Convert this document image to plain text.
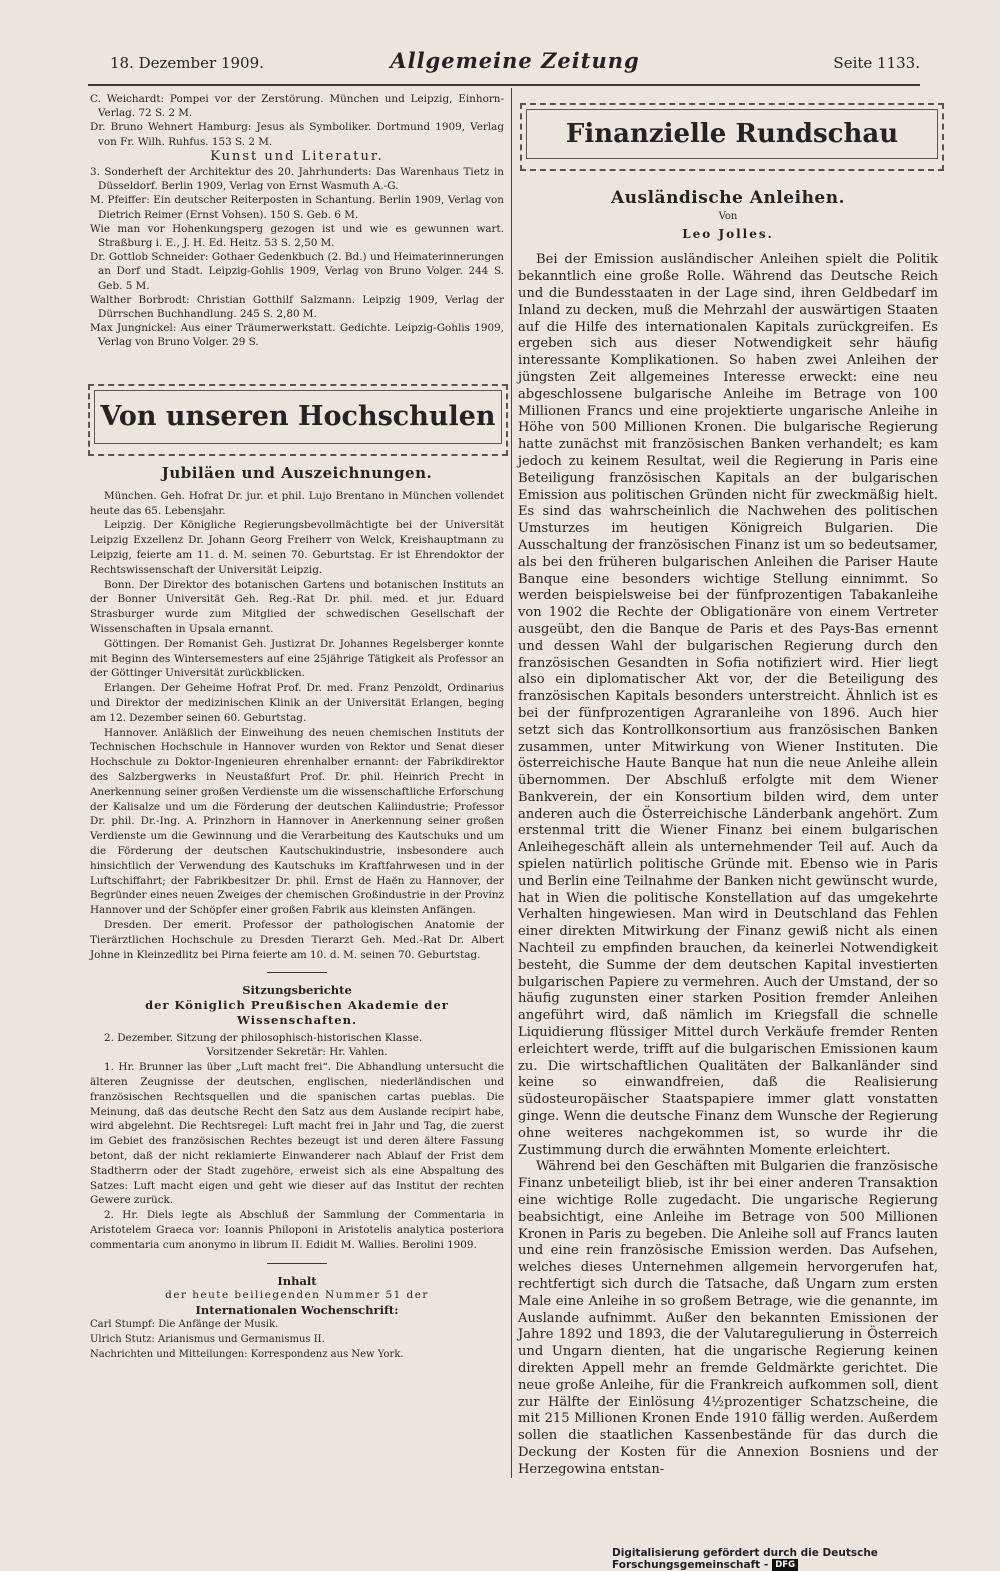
18. Dezember 1909.	Allgemeine Zeitung	Seite 1133.

C. Weichardt: Pompei vor der Zerstörung. München und Leipzig, Einhorn-Verlag. 72 S. 2 M.

Dr. Bruno Wehnert Hamburg: Jesus als Symboliker. Dortmund 1909, Verlag von Fr. Wilh. Ruhfus. 153 S. 2 M.

Kunst und Literatur.

3. Sonderheft der Architektur des 20. Jahrhunderts: Das Warenhaus Tietz in Düsseldorf. Berlin 1909, Verlag von Ernst Wasmuth A.-G.

M. Pfeiffer: Ein deutscher Reiterposten in Schantung. Berlin 1909, Verlag von Dietrich Reimer (Ernst Vohsen). 150 S. Geb. 6 M.

Wie man vor Hohenkungsperg gezogen ist und wie es gewunnen wart. Straßburg i. E., J. H. Ed. Heitz. 53 S. 2,50 M.

Dr. Gottlob Schneider: Gothaer Gedenkbuch (2. Bd.) und Heimaterinnerungen an Dorf und Stadt. Leipzig-Gohlis 1909, Verlag von Bruno Volger. 244 S. Geb. 5 M.

Walther Borbrodt: Christian Gotthilf Salzmann. Leipzig 1909, Verlag der Dürrschen Buchhandlung. 245 S. 2,80 M.

Max Jungnickel: Aus einer Träumerwerkstatt. Gedichte. Leipzig-Gohlis 1909, Verlag von Bruno Volger. 29 S.

Von unseren Hochschulen
Jubiläen und Auszeichnungen.

München. Geh. Hofrat Dr. jur. et phil. Lujo Brentano in München vollendet heute das 65. Lebensjahr.

Leipzig. Der Königliche Regierungsbevollmächtigte bei der Universität Leipzig Exzellenz Dr. Johann Georg Freiherr von Welck, Kreishauptmann zu Leipzig, feierte am 11. d. M. seinen 70. Geburtstag. Er ist Ehrendoktor der Rechtswissenschaft der Universität Leipzig.

Bonn. Der Direktor des botanischen Gartens und botanischen Instituts an der Bonner Universität Geh. Reg.-Rat Dr. phil. med. et jur. Eduard Strasburger wurde zum Mitglied der schwedischen Gesellschaft der Wissenschaften in Upsala ernannt.

Göttingen. Der Romanist Geh. Justizrat Dr. Johannes Regelsberger konnte mit Beginn des Wintersemesters auf eine 25jährige Tätigkeit als Professor an der Göttinger Universität zurückblicken.

Erlangen. Der Geheime Hofrat Prof. Dr. med. Franz Penzoldt, Ordinarius und Direktor der medizinischen Klinik an der Universität Erlangen, beging am 12. Dezember seinen 60. Geburtstag.

Hannover. Anläßlich der Einweihung des neuen chemischen Instituts der Technischen Hochschule in Hannover wurden von Rektor und Senat dieser Hochschule zu Doktor-Ingenieuren ehrenhalber ernannt: der Fabrikdirektor des Salzbergwerks in Neustaßfurt Prof. Dr. phil. Heinrich Precht in Anerkennung seiner großen Verdienste um die wissenschaftliche Erforschung der Kalisalze und um die Förderung der deutschen Kaliindustrie; Professor Dr. phil. Dr.-Ing. A. Prinzhorn in Hannover in Anerkennung seiner großen Verdienste um die Gewinnung und die Verarbeitung des Kautschuks und um die Förderung der deutschen Kautschukindustrie, insbesondere auch hinsichtlich der Verwendung des Kautschuks im Kraftfahrwesen und in der Luftschiffahrt; der Fabrikbesitzer Dr. phil. Ernst de Haën zu Hannover, der Begründer eines neuen Zweiges der chemischen Großindustrie in der Provinz Hannover und der Schöpfer einer großen Fabrik aus kleinsten Anfängen.

Dresden. Der emerit. Professor der pathologischen Anatomie der Tierärztlichen Hochschule zu Dresden Tierarzt Geh. Med.-Rat Dr. Albert Johne in Kleinzedlitz bei Pirna feierte am 10. d. M. seinen 70. Geburtstag.

Sitzungsberichte
der Königlich Preußischen Akademie der Wissenschaften.

2. Dezember. Sitzung der philosophisch-historischen Klasse.

Vorsitzender Sekretär: Hr. Vahlen.

1. Hr. Brunner las über „Luft macht frei“. Die Abhandlung untersucht die älteren Zeugnisse der deutschen, englischen, niederländischen und französischen Rechtsquellen und die spanischen cartas pueblas. Die Meinung, daß das deutsche Recht den Satz aus dem Auslande recipirt habe, wird abgelehnt. Die Rechtsregel: Luft macht frei in Jahr und Tag, die zuerst im Gebiet des französischen Rechtes bezeugt ist und deren ältere Fassung betont, daß der nicht reklamierte Einwanderer nach Ablauf der Frist dem Stadtherrn oder der Stadt zugehöre, erweist sich als eine Abspaltung des Satzes: Luft macht eigen und geht wie dieser auf das Institut der rechten Gewere zurück.

2. Hr. Diels legte als Abschluß der Sammlung der Commentaria in Aristotelem Graeca vor: Ioannis Philoponi in Aristotelis analytica posteriora commentaria cum anonymo in librum II. Edidit M. Wallies. Berolini 1909.

Inhalt
der heute beiliegenden Nummer 51 der
Internationalen Wochenschrift:

Carl Stumpf: Die Anfänge der Musik.

Ulrich Stutz: Arianismus und Germanismus II.

Nachrichten und Mitteilungen: Korrespondenz aus New York.

Finanzielle Rundschau
Ausländische Anleihen.
Von
Leo Jolles.

Bei der Emission ausländischer Anleihen spielt die Politik bekanntlich eine große Rolle. Während das Deutsche Reich und die Bundesstaaten in der Lage sind, ihren Geldbedarf im Inland zu decken, muß die Mehrzahl der auswärtigen Staaten auf die Hilfe des internationalen Kapitals zurückgreifen. Es ergeben sich aus dieser Notwendigkeit sehr häufig interessante Komplikationen. So haben zwei Anleihen der jüngsten Zeit allgemeines Interesse erweckt: eine neu abgeschlossene bulgarische Anleihe im Betrage von 100 Millionen Francs und eine projektierte ungarische Anleihe in Höhe von 500 Millionen Kronen. Die bulgarische Regierung hatte zunächst mit französischen Banken verhandelt; es kam jedoch zu keinem Resultat, weil die Regierung in Paris eine Beteiligung französischen Kapitals an der bulgarischen Emission aus politischen Gründen nicht für zweckmäßig hielt. Es sind das wahrscheinlich die Nachwehen des politischen Umsturzes im heutigen Königreich Bulgarien. Die Ausschaltung der französischen Finanz ist um so bedeutsamer, als bei den früheren bulgarischen Anleihen die Pariser Haute Banque eine besonders wichtige Stellung einnimmt. So werden beispielsweise bei der fünfprozentigen Tabakanleihe von 1902 die Rechte der Obligationäre von einem Vertreter ausgeübt, den die Banque de Paris et des Pays-Bas ernennt und dessen Wahl der bulgarischen Regierung durch den französischen Gesandten in Sofia notifiziert wird. Hier liegt also ein diplomatischer Akt vor, der die Beteiligung des französischen Kapitals besonders unterstreicht. Ähnlich ist es bei der fünfprozentigen Agraranleihe von 1896. Auch hier setzt sich das Kontrollkonsortium aus französischen Banken zusammen, unter Mitwirkung von Wiener Instituten. Die österreichische Haute Banque hat nun die neue Anleihe allein übernommen. Der Abschluß erfolgte mit dem Wiener Bankverein, der ein Konsortium bilden wird, dem unter anderen auch die Österreichische Länderbank angehört. Zum erstenmal tritt die Wiener Finanz bei einem bulgarischen Anleihegeschäft allein als unternehmender Teil auf. Auch da spielen natürlich politische Gründe mit. Ebenso wie in Paris und Berlin eine Teilnahme der Banken nicht gewünscht wurde, hat in Wien die politische Konstellation auf das umgekehrte Verhalten hingewiesen. Man wird in Deutschland das Fehlen einer direkten Mitwirkung der Finanz gewiß nicht als einen Nachteil zu empfinden brauchen, da keinerlei Notwendigkeit besteht, die Summe der dem deutschen Kapital investierten bulgarischen Papiere zu vermehren. Auch der Umstand, der so häufig zugunsten einer starken Position fremder Anleihen angeführt wird, daß nämlich im Kriegsfall die schnelle Liquidierung flüssiger Mittel durch Verkäufe fremder Renten erleichtert werde, trifft auf die bulgarischen Emissionen kaum zu. Die wirtschaftlichen Qualitäten der Balkanländer sind keine so einwandfreien, daß die Realisierung südosteuropäischer Staatspapiere immer glatt vonstatten ginge. Wenn die deutsche Finanz dem Wunsche der Regierung ohne weiteres nachgekommen ist, so wurde ihr die Zustimmung durch die erwähnten Momente erleichtert.

Während bei den Geschäften mit Bulgarien die französische Finanz unbeteiligt blieb, ist ihr bei einer anderen Transaktion eine wichtige Rolle zugedacht. Die ungarische Regierung beabsichtigt, eine Anleihe im Betrage von 500 Millionen Kronen in Paris zu begeben. Die Anleihe soll auf Francs lauten und eine rein französische Emission werden. Das Aufsehen, welches dieses Unternehmen allgemein hervorgerufen hat, rechtfertigt sich durch die Tatsache, daß Ungarn zum ersten Male eine Anleihe in so großem Betrage, wie die genannte, im Auslande aufnimmt. Außer den bekannten Emissionen der Jahre 1892 und 1893, die der Valutaregulierung in Österreich und Ungarn dienten, hat die ungarische Regierung keinen direkten Appell mehr an fremde Geldmärkte gerichtet. Die neue große Anleihe, für die Frankreich aufkommen soll, dient zur Hälfte der Einlösung 4½prozentiger Schatzscheine, die mit 215 Millionen Kronen Ende 1910 fällig werden. Außerdem sollen die staatlichen Kassenbestände für das durch die Deckung der Kosten für die Annexion Bosniens und der Herzegowina entstan-

Digitalisierung gefördert durch die Deutsche Forschungsgemeinschaft - DFG
